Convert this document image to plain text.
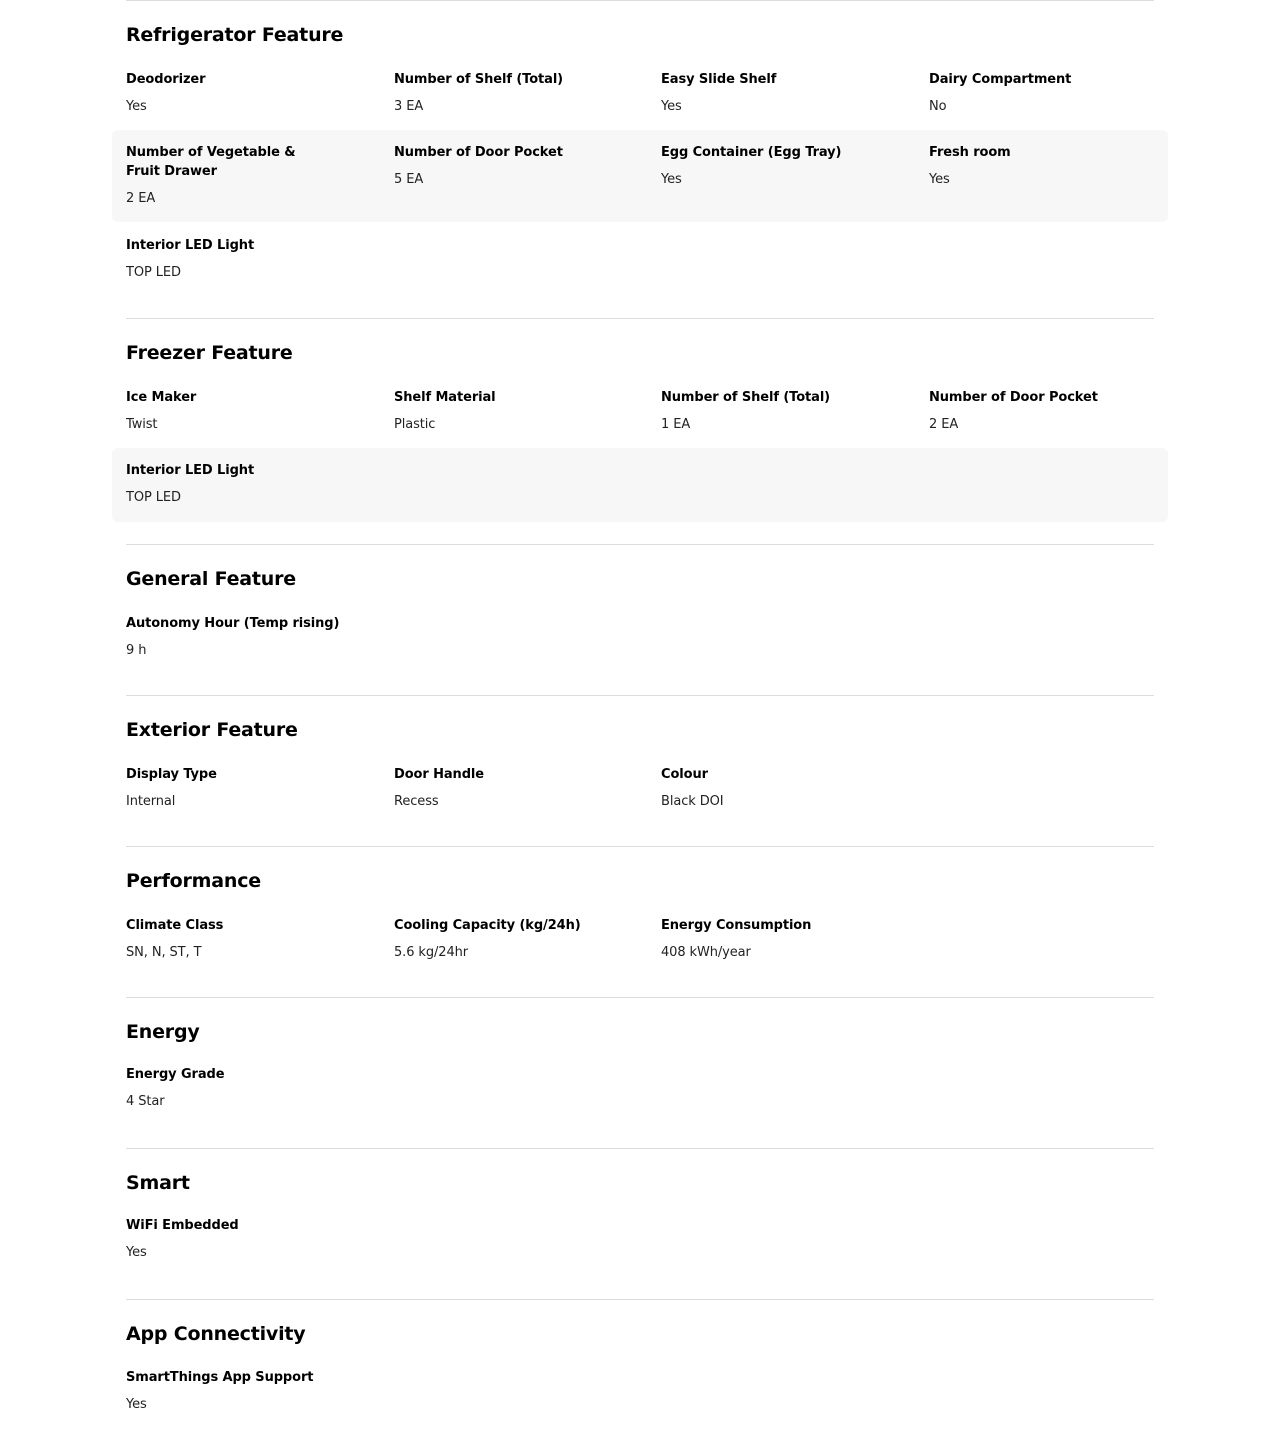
Refrigerator Feature
Deodorizer
Yes
Number of Shelf (Total)
3 EA
Easy Slide Shelf
Yes
Dairy Compartment
No
Number of Vegetable & Fruit Drawer
2 EA
Number of Door Pocket
5 EA
Egg Container (Egg Tray)
Yes
Fresh room
Yes
Interior LED Light
TOP LED
Freezer Feature
Ice Maker
Twist
Shelf Material
Plastic
Number of Shelf (Total)
1 EA
Number of Door Pocket
2 EA
Interior LED Light
TOP LED
General Feature
Autonomy Hour (Temp rising)
9 h
Exterior Feature
Display Type
Internal
Door Handle
Recess
Colour
Black DOI
Performance
Climate Class
SN, N, ST, T
Cooling Capacity (kg/24h)
5.6 kg/24hr
Energy Consumption
408 kWh/year
Energy
Energy Grade
4 Star
Smart
WiFi Embedded
Yes
App Connectivity
SmartThings App Support
Yes
